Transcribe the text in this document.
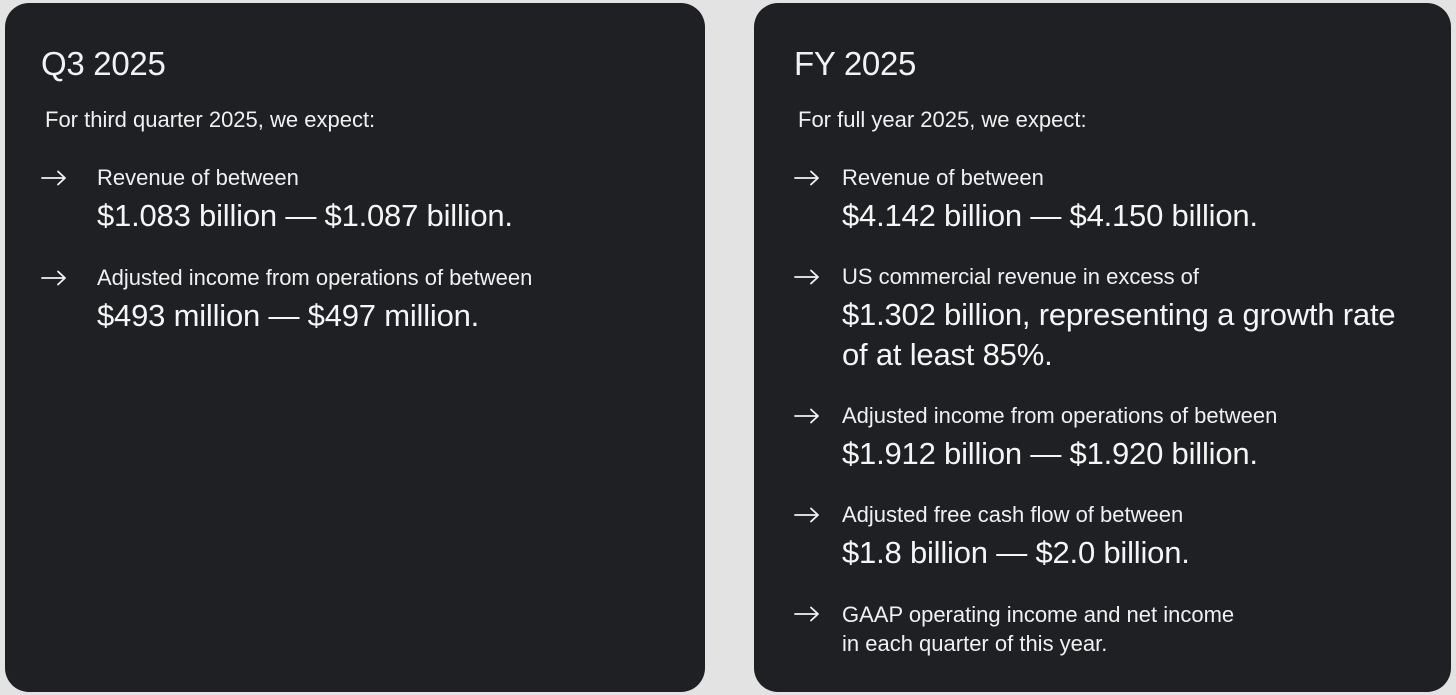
Q3 2025
For third quarter 2025, we expect:
Revenue of between
$1.083 billion — $1.087 billion.
Adjusted income from operations of between
$493 million — $497 million.
FY 2025
For full year 2025, we expect:
Revenue of between
$4.142 billion — $4.150 billion.
US commercial revenue in excess of
$1.302 billion, representing a growth rate of at least 85%.
Adjusted income from operations of between
$1.912 billion — $1.920 billion.
Adjusted free cash flow of between
$1.8 billion — $2.0 billion.
GAAP operating income and net income
in each quarter of this year.
